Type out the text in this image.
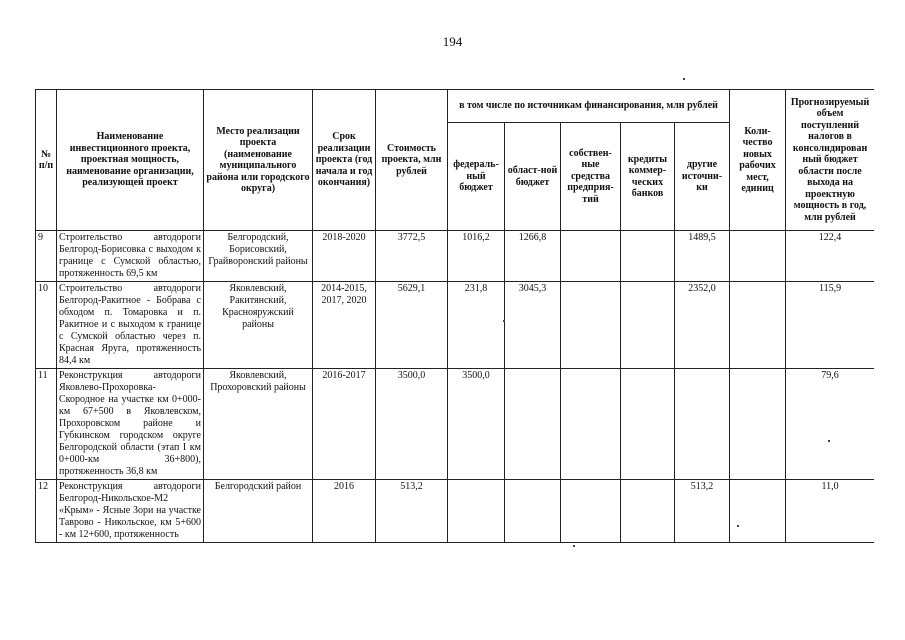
194
№ п/п	Наименование инвестиционного проекта, проектная мощность, наименование организации, реализующей проект	Место реализации проекта (наименование муниципального района или городского округа)	Срок реализации проекта (год начала и год окончания)	Стоимость проекта, млн рублей	в том числе по источникам финансирования, млн рублей					Коли-чество новых рабочих мест, единиц	Прогнозируемый объем поступлений налогов в консолидирован ный бюджет области после выхода на проектную мощность в год, млн рублей
					федераль-ный бюджет	област-ной бюджет	собствен-ные средства предприя-тий	кредиты коммер-ческих банков	другие источни-ки		
9	Строительство автодороги Белгород-Борисовка с выходом к границе с Сумской областью, протяженность 69,5 км	Белгородский, Борисовский, Грайворонский районы	2018-2020	3772,5	1016,2	1266,8			1489,5		122,4
10	Строительство автодороги Белгород-Ракитное - Бобрава с обходом п. Томаровка и п. Ракитное и с выходом к границе с Сумской областью через п. Красная Яруга, протяженность 84,4 км	Яковлевский, Ракитянский, Краснояружский районы	2014-2015, 2017, 2020	5629,1	231,8	3045,3			2352,0		115,9
11	Реконструкция автодороги Яковлево-Прохоровка-Скородное на участке км 0+000-км 67+500 в Яковлевском, Прохоровском районе и Губкинском городском округе Белгородской области (этап I км 0+000-км 36+800), протяженность 36,8 км	Яковлевский, Прохоровский районы	2016-2017	3500,0	3500,0						79,6
12	Реконструкция автодороги Белгород-Никольское-М2 «Крым» - Ясные Зори на участке Таврово - Никольское, км 5+600 - км 12+600, протяженность	Белгородский район	2016	513,2					513,2		11,0
